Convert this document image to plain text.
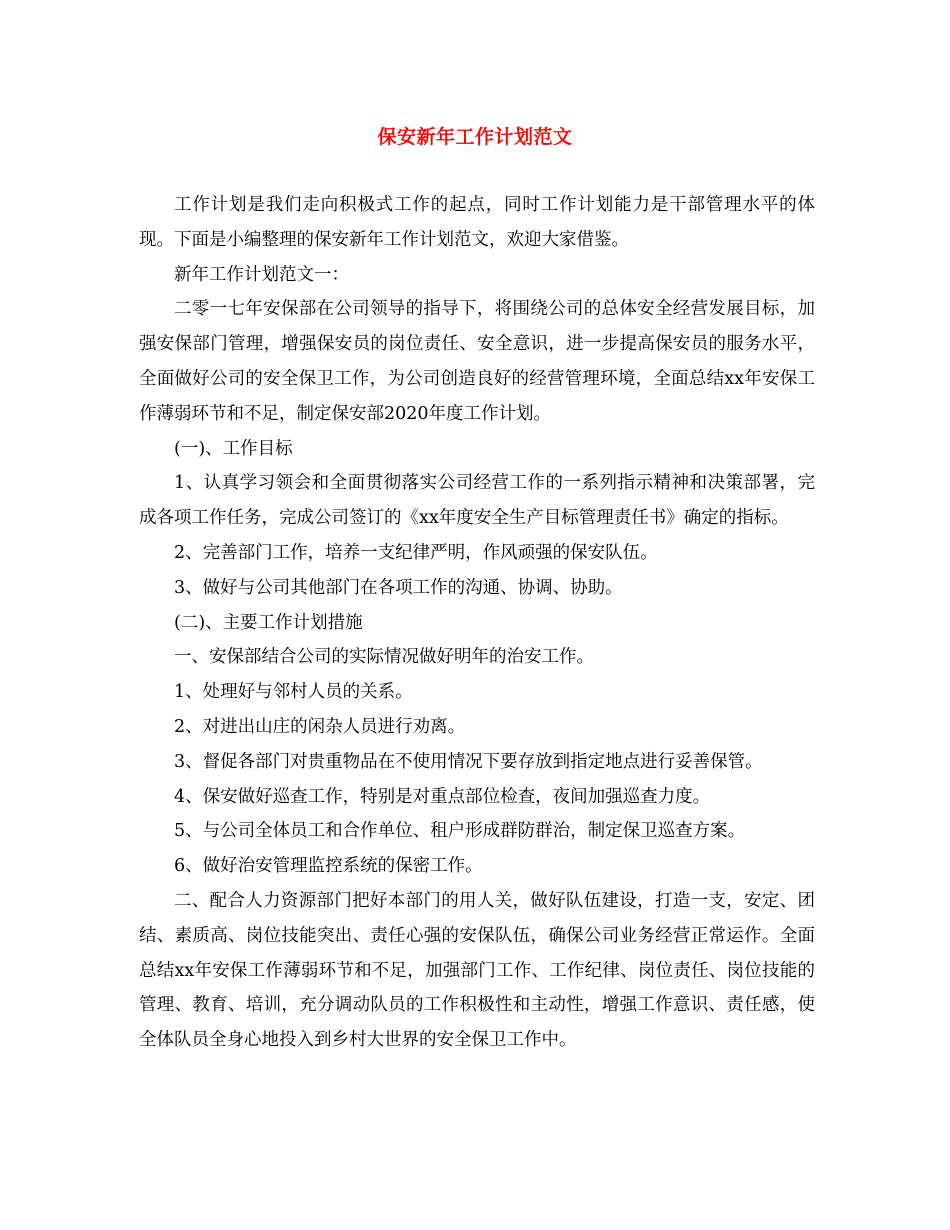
保安新年工作计划范文

工作计划是我们走向积极式工作的起点，同时工作计划能力是干部管理水平的体现。下面是小编整理的保安新年工作计划范文，欢迎大家借鉴。

新年工作计划范文一：

二零一七年安保部在公司领导的指导下，将围绕公司的总体安全经营发展目标，加强安保部门管理，增强保安员的岗位责任、安全意识，进一步提高保安员的服务水平，全面做好公司的安全保卫工作，为公司创造良好的经营管理环境，全面总结xx年安保工作薄弱环节和不足，制定保安部2020年度工作计划。

(一)、工作目标

1、认真学习领会和全面贯彻落实公司经营工作的一系列指示精神和决策部署，完成各项工作任务，完成公司签订的《xx年度安全生产目标管理责任书》确定的指标。

2、完善部门工作，培养一支纪律严明，作风顽强的保安队伍。

3、做好与公司其他部门在各项工作的沟通、协调、协助。

(二)、主要工作计划措施

一、安保部结合公司的实际情况做好明年的治安工作。

1、处理好与邻村人员的关系。

2、对进出山庄的闲杂人员进行劝离。

3、督促各部门对贵重物品在不使用情况下要存放到指定地点进行妥善保管。

4、保安做好巡查工作，特别是对重点部位检查，夜间加强巡查力度。

5、与公司全体员工和合作单位、租户形成群防群治，制定保卫巡查方案。

6、做好治安管理监控系统的保密工作。

二、配合人力资源部门把好本部门的用人关，做好队伍建设，打造一支，安定、团结、素质高、岗位技能突出、责任心强的安保队伍，确保公司业务经营正常运作。全面总结xx年安保工作薄弱环节和不足，加强部门工作、工作纪律、岗位责任、岗位技能的管理、教育、培训，充分调动队员的工作积极性和主动性，增强工作意识、责任感，使全体队员全身心地投入到乡村大世界的安全保卫工作中。
